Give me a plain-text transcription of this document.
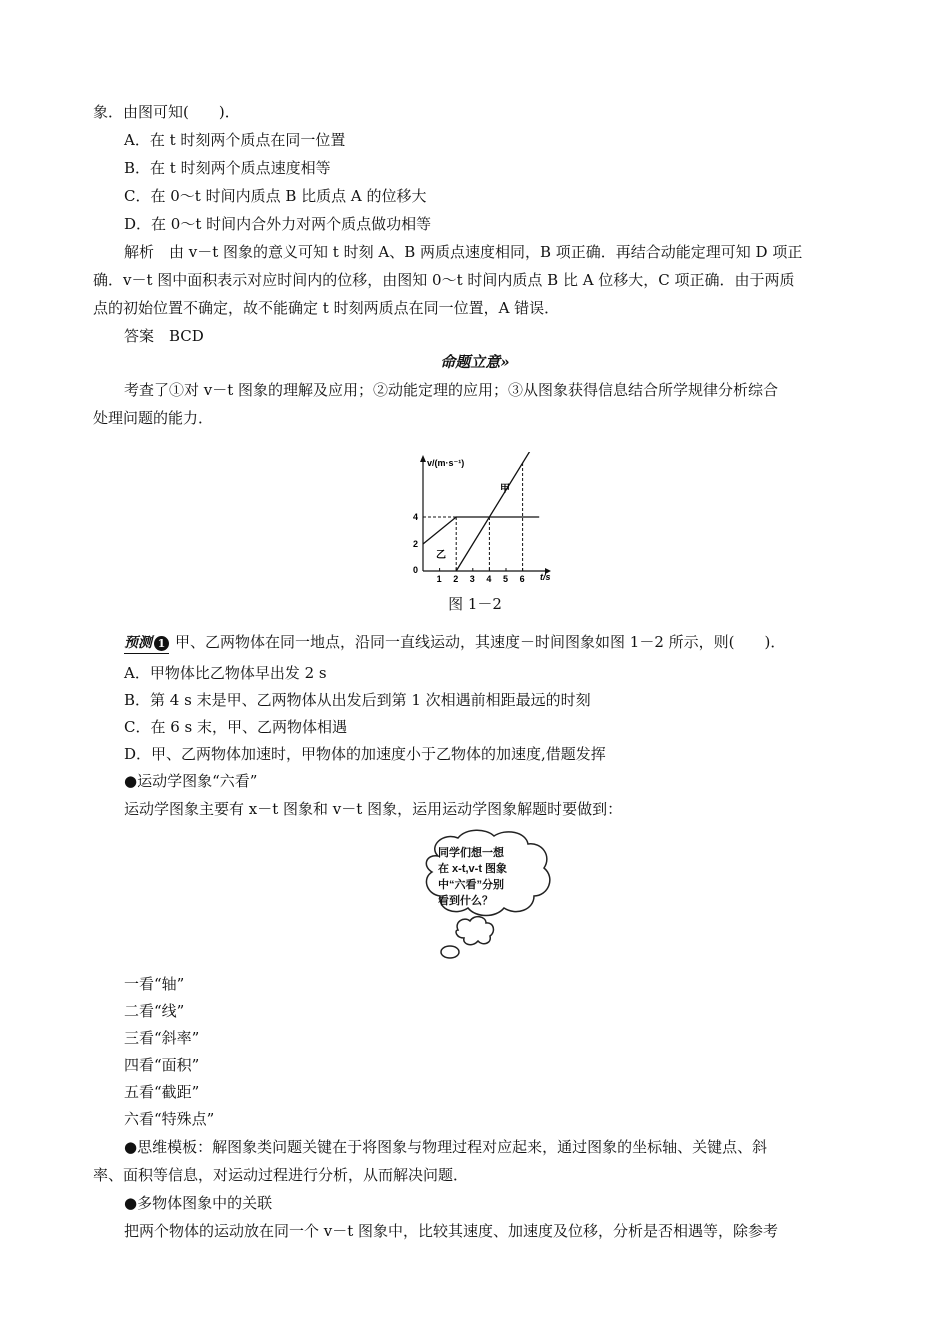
象．由图可知(　　)．
A．在 t 时刻两个质点在同一位置
B．在 t 时刻两个质点速度相等
C．在 0～t 时间内质点 B 比质点 A 的位移大
D．在 0～t 时间内合外力对两个质点做功相等
解析　由 v－t 图象的意义可知 t 时刻 A、B 两质点速度相同，B 项正确．再结合动能定理可知 D 项正
确．v－t 图中面积表示对应时间内的位移，由图知 0～t 时间内质点 B 比 A 位移大，C 项正确．由于两质
点的初始位置不确定，故不能确定 t 时刻两质点在同一位置，A 错误．
答案　BCD
命题立意»
考查了①对 v－t 图象的理解及应用；②动能定理的应用；③从图象获得信息结合所学规律分析综合
处理问题的能力．
1 2 3 4 5 6
0
2
4
v/(m·s⁻¹)
t/s
甲
乙
图 1－2
预测 1 甲、乙两物体在同一地点，沿同一直线运动，其速度－时间图象如图 1－2 所示，则(　　)．
A．甲物体比乙物体早出发 2 s
B．第 4 s 末是甲、乙两物体从出发后到第 1 次相遇前相距最远的时刻
C．在 6 s 末，甲、乙两物体相遇
D．甲、乙两物体加速时，甲物体的加速度小于乙物体的加速度,借题发挥
●运动学图象“六看”
运动学图象主要有 x－t 图象和 v－t 图象，运用运动学图象解题时要做到：
同学们想一想
在 x-t,v-t 图象
中“六看”分别
看到什么？
一看“轴”
二看“线”
三看“斜率”
四看“面积”
五看“截距”
六看“特殊点”
●思维模板：解图象类问题关键在于将图象与物理过程对应起来，通过图象的坐标轴、关键点、斜
率、面积等信息，对运动过程进行分析，从而解决问题．
●多物体图象中的关联
把两个物体的运动放在同一个 v－t 图象中，比较其速度、加速度及位移，分析是否相遇等，除参考
